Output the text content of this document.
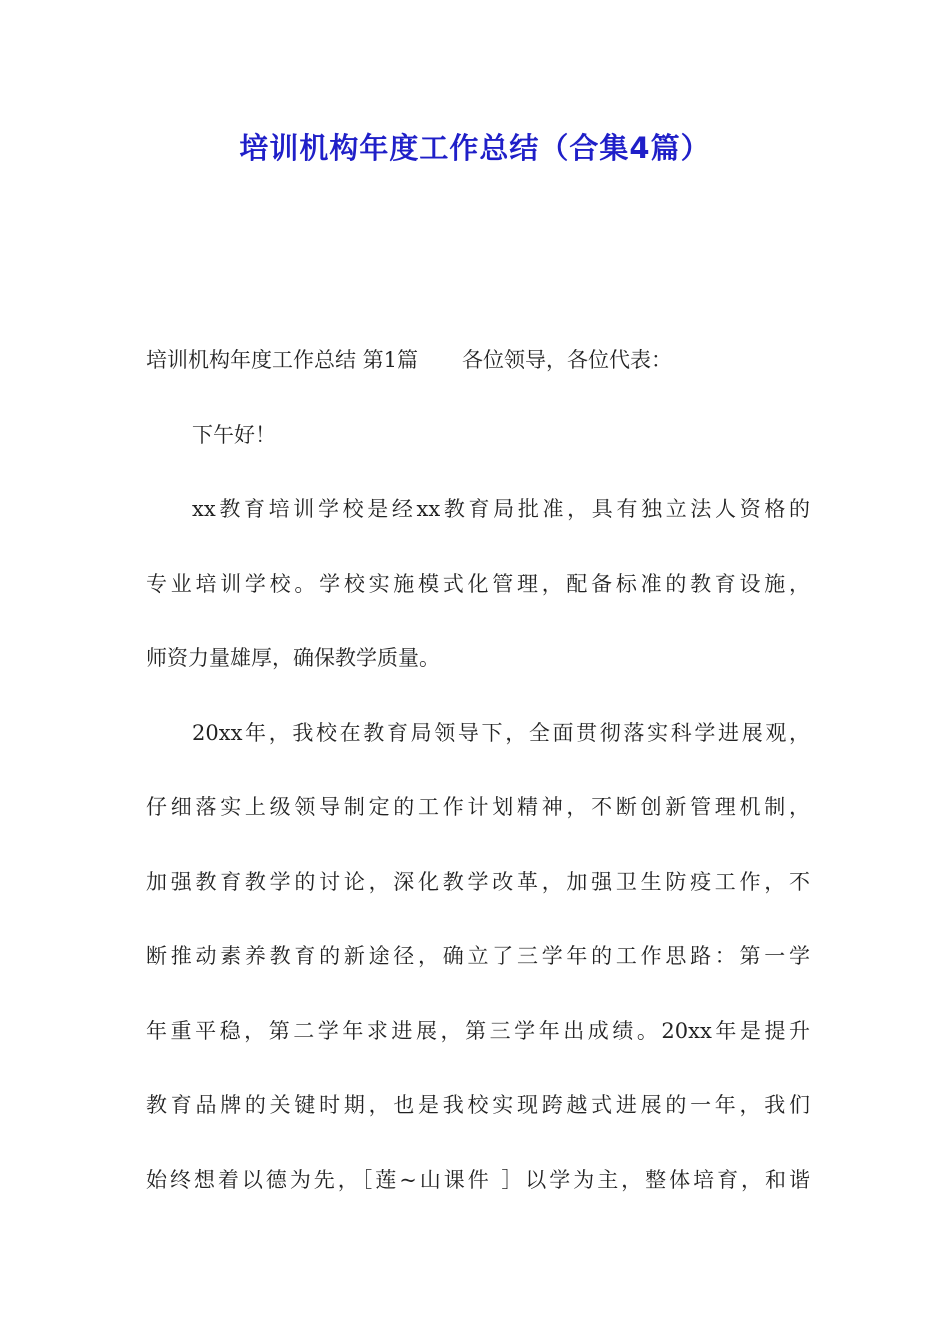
培训机构年度工作总结（合集4篇）
培训机构年度工作总结 第1篇 各位领导，各位代表：
下午好！
xx教育培训学校是经xx教育局批准，具有独立法人资格的
专业培训学校。学校实施模式化管理，配备标准的教育设施，
师资力量雄厚，确保教学质量。
20xx年，我校在教育局领导下，全面贯彻落实科学进展观，
仔细落实上级领导制定的工作计划精神，不断创新管理机制，
加强教育教学的讨论，深化教学改革，加强卫生防疫工作，不
断推动素养教育的新途径，确立了三学年的工作思路：第一学
年重平稳，第二学年求进展，第三学年出成绩。20xx年是提升
教育品牌的关键时期，也是我校实现跨越式进展的一年，我们
始终想着以德为先，［莲~山课件 ］以学为主，整体培育，和谐
